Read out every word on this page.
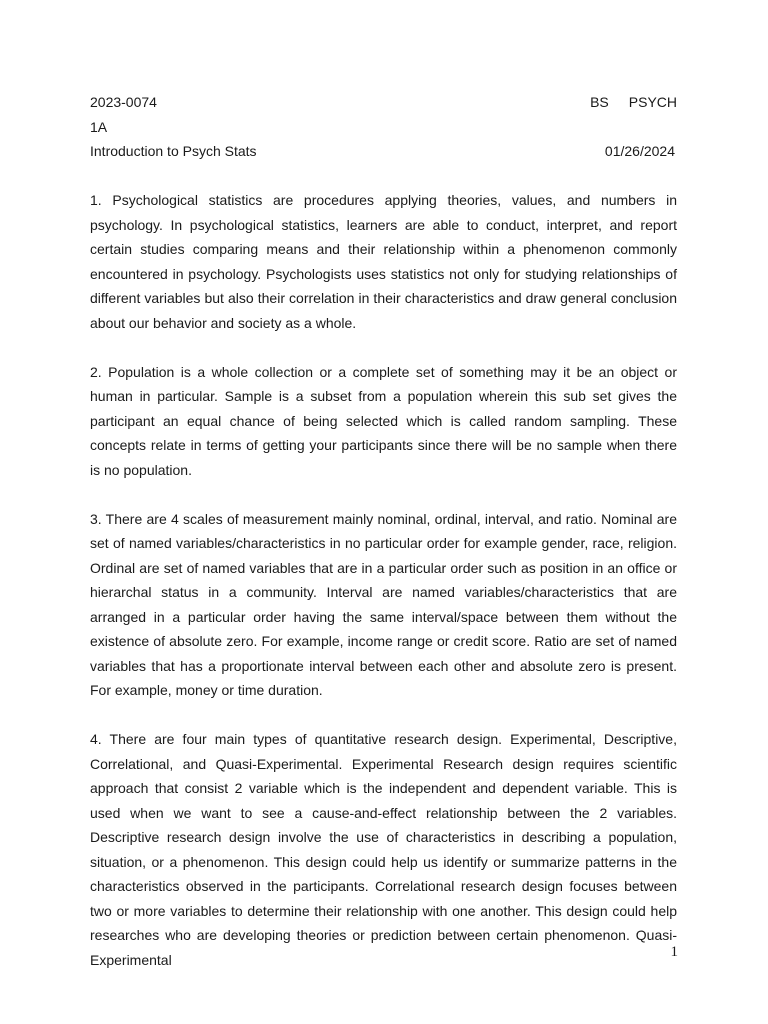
2023-0074	BS PSYCH
1A
Introduction to Psych Stats	01/26/2024

1. Psychological statistics are procedures applying theories, values, and numbers in psychology. In psychological statistics, learners are able to conduct, interpret, and report certain studies comparing means and their relationship within a phenomenon commonly encountered in psychology. Psychologists uses statistics not only for studying relationships of different variables but also their correlation in their characteristics and draw general conclusion about our behavior and society as a whole.

2. Population is a whole collection or a complete set of something may it be an object or human in particular. Sample is a subset from a population wherein this sub set gives the participant an equal chance of being selected which is called random sampling. These concepts relate in terms of getting your participants since there will be no sample when there is no population.

3. There are 4 scales of measurement mainly nominal, ordinal, interval, and ratio. Nominal are set of named variables/characteristics in no particular order for example gender, race, religion. Ordinal are set of named variables that are in a particular order such as position in an office or hierarchal status in a community. Interval are named variables/characteristics that are arranged in a particular order having the same interval/space between them without the existence of absolute zero. For example, income range or credit score. Ratio are set of named variables that has a proportionate interval between each other and absolute zero is present. For example, money or time duration.

4. There are four main types of quantitative research design. Experimental, Descriptive, Correlational, and Quasi-Experimental. Experimental Research design requires scientific approach that consist 2 variable which is the independent and dependent variable. This is used when we want to see a cause-and-effect relationship between the 2 variables. Descriptive research design involve the use of characteristics in describing a population, situation, or a phenomenon. This design could help us identify or summarize patterns in the characteristics observed in the participants. Correlational research design focuses between two or more variables to determine their relationship with one another. This design could help researches who are developing theories or prediction between certain phenomenon. Quasi-Experimental	1
